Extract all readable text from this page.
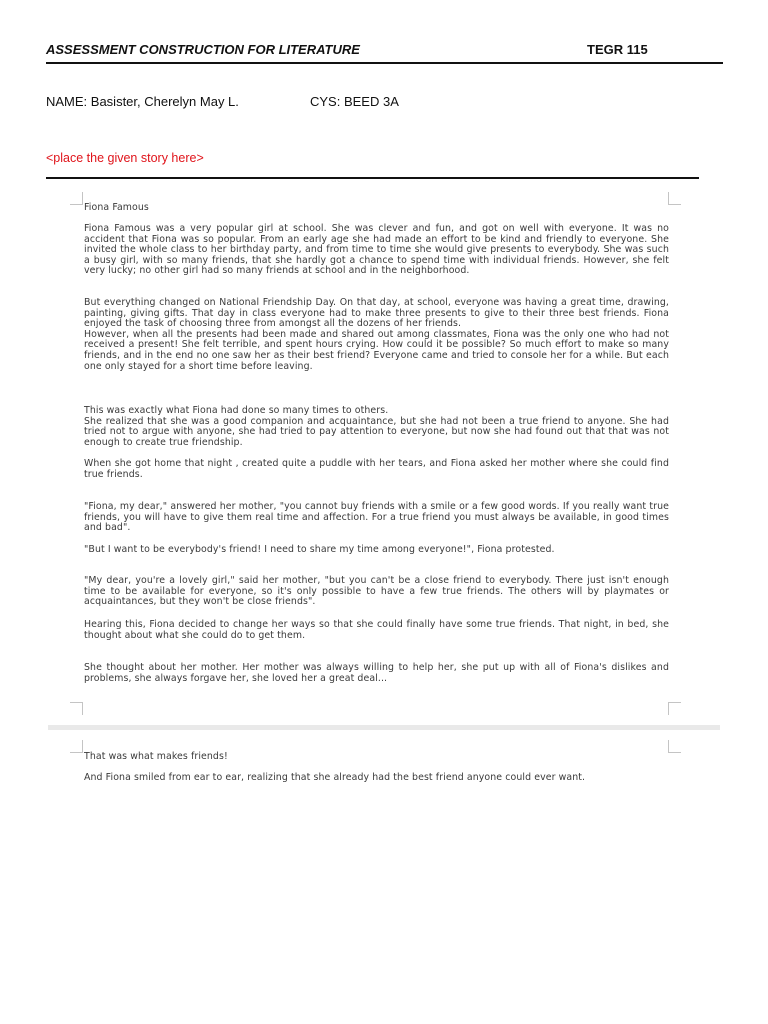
ASSESSMENT CONSTRUCTION FOR LITERATURE	TEGR 115
NAME: Basister, Cherelyn May L.	CYS: BEED 3A
<place the given story here>
Fiona Famous

Fiona Famous was a very popular girl at school. She was clever and fun, and got on well with everyone. It was no accident that Fiona was so popular. From an early age she had made an effort to be kind and friendly to everyone. She invited the whole class to her birthday party, and from time to time she would give presents to everybody. She was such a busy girl, with so many friends, that she hardly got a chance to spend time with individual friends. However, she felt very lucky; no other girl had so many friends at school and in the neighborhood.

But everything changed on National Friendship Day. On that day, at school, everyone was having a great time, drawing, painting, giving gifts. That day in class everyone had to make three presents to give to their three best friends. Fiona enjoyed the task of choosing three from amongst all the dozens of her friends.

However, when all the presents had been made and shared out among classmates, Fiona was the only one who had not received a present! She felt terrible, and spent hours crying. How could it be possible? So much effort to make so many friends, and in the end no one saw her as their best friend? Everyone came and tried to console her for a while. But each one only stayed for a short time before leaving.

This was exactly what Fiona had done so many times to others.

She realized that she was a good companion and acquaintance, but she had not been a true friend to anyone. She had tried not to argue with anyone, she had tried to pay attention to everyone, but now she had found out that that was not enough to create true friendship.

When she got home that night , created quite a puddle with her tears, and Fiona asked her mother where she could find true friends.

"Fiona, my dear," answered her mother, "you cannot buy friends with a smile or a few good words. If you really want true friends, you will have to give them real time and affection. For a true friend you must always be available, in good times and bad".

"But I want to be everybody's friend! I need to share my time among everyone!", Fiona protested.

"My dear, you're a lovely girl," said her mother, "but you can't be a close friend to everybody. There just isn't enough time to be available for everyone, so it's only possible to have a few true friends. The others will by playmates or acquaintances, but they won't be close friends".

Hearing this, Fiona decided to change her ways so that she could finally have some true friends. That night, in bed, she thought about what she could do to get them.

She thought about her mother. Her mother was always willing to help her, she put up with all of Fiona's dislikes and problems, she always forgave her, she loved her a great deal...

That was what makes friends!

And Fiona smiled from ear to ear, realizing that she already had the best friend anyone could ever want.
